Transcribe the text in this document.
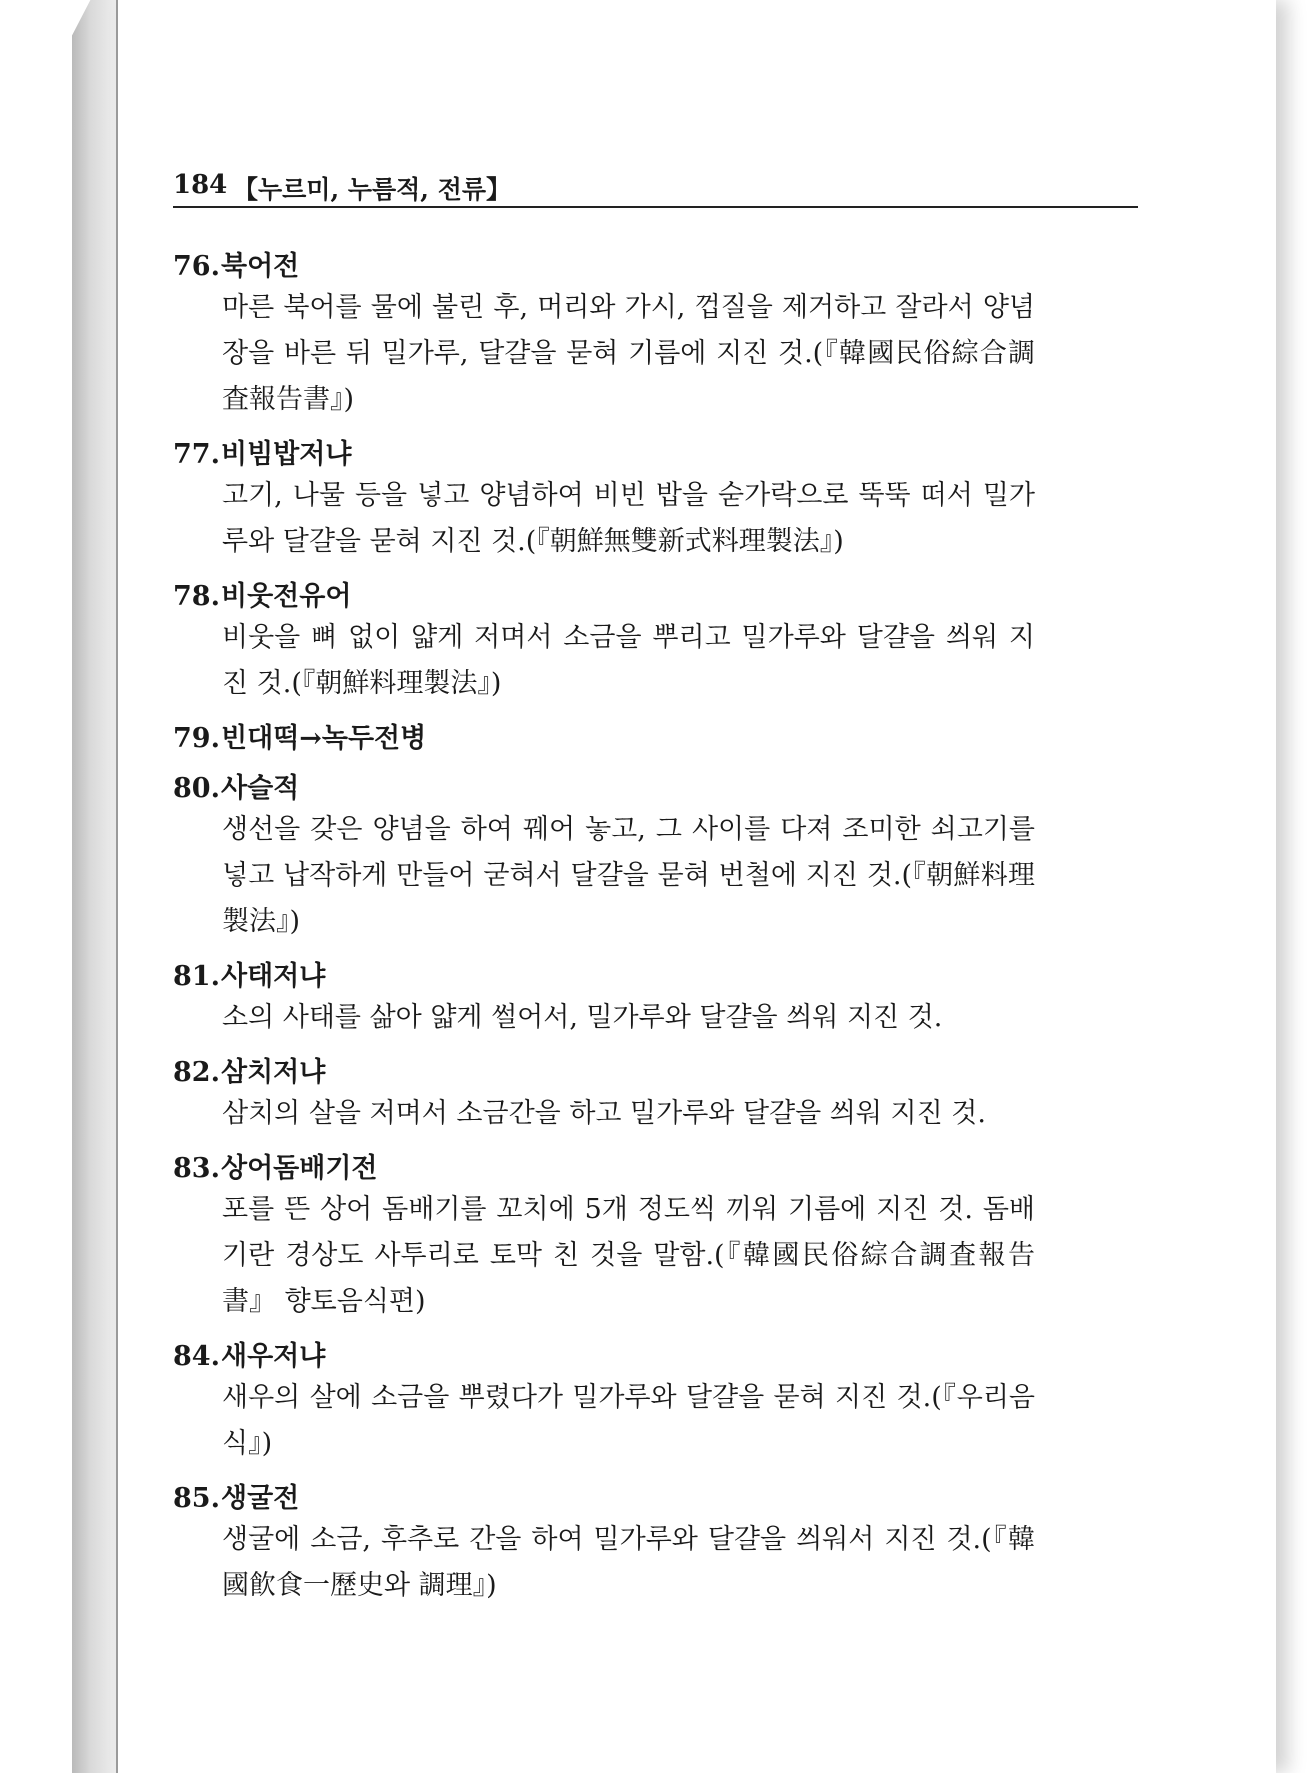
184 【누르미, 누름적, 전류】
76.북어전
마른 북어를 물에 불린 후, 머리와 가시, 껍질을 제거하고 잘라서 양념장을 바른 뒤 밀가루, 달걀을 묻혀 기름에 지진 것.(『韓國民俗綜合調査報告書』)
77.비빔밥저냐
고기, 나물 등을 넣고 양념하여 비빈 밥을 숟가락으로 뚝뚝 떠서 밀가루와 달걀을 묻혀 지진 것.(『朝鮮無雙新式料理製法』)
78.비웃전유어
비웃을 뼈 없이 얇게 저며서 소금을 뿌리고 밀가루와 달걀을 씌워 지진 것.(『朝鮮料理製法』)
79.빈대떡→녹두전병
80.사슬적
생선을 갖은 양념을 하여 꿰어 놓고, 그 사이를 다져 조미한 쇠고기를 넣고 납작하게 만들어 굳혀서 달걀을 묻혀 번철에 지진 것.(『朝鮮料理製法』)
81.사태저냐
소의 사태를 삶아 얇게 썰어서, 밀가루와 달걀을 씌워 지진 것.
82.삼치저냐
삼치의 살을 저며서 소금간을 하고 밀가루와 달걀을 씌워 지진 것.
83.상어돔배기전
포를 뜬 상어 돔배기를 꼬치에 5개 정도씩 끼워 기름에 지진 것. 돔배기란 경상도 사투리로 토막 친 것을 말함.(『韓國民俗綜合調査報告書』 향토음식편)
84.새우저냐
새우의 살에 소금을 뿌렸다가 밀가루와 달걀을 묻혀 지진 것.(『우리음식』)
85.생굴전
생굴에 소금, 후추로 간을 하여 밀가루와 달걀을 씌워서 지진 것.(『韓國飮食一歷史와 調理』)
